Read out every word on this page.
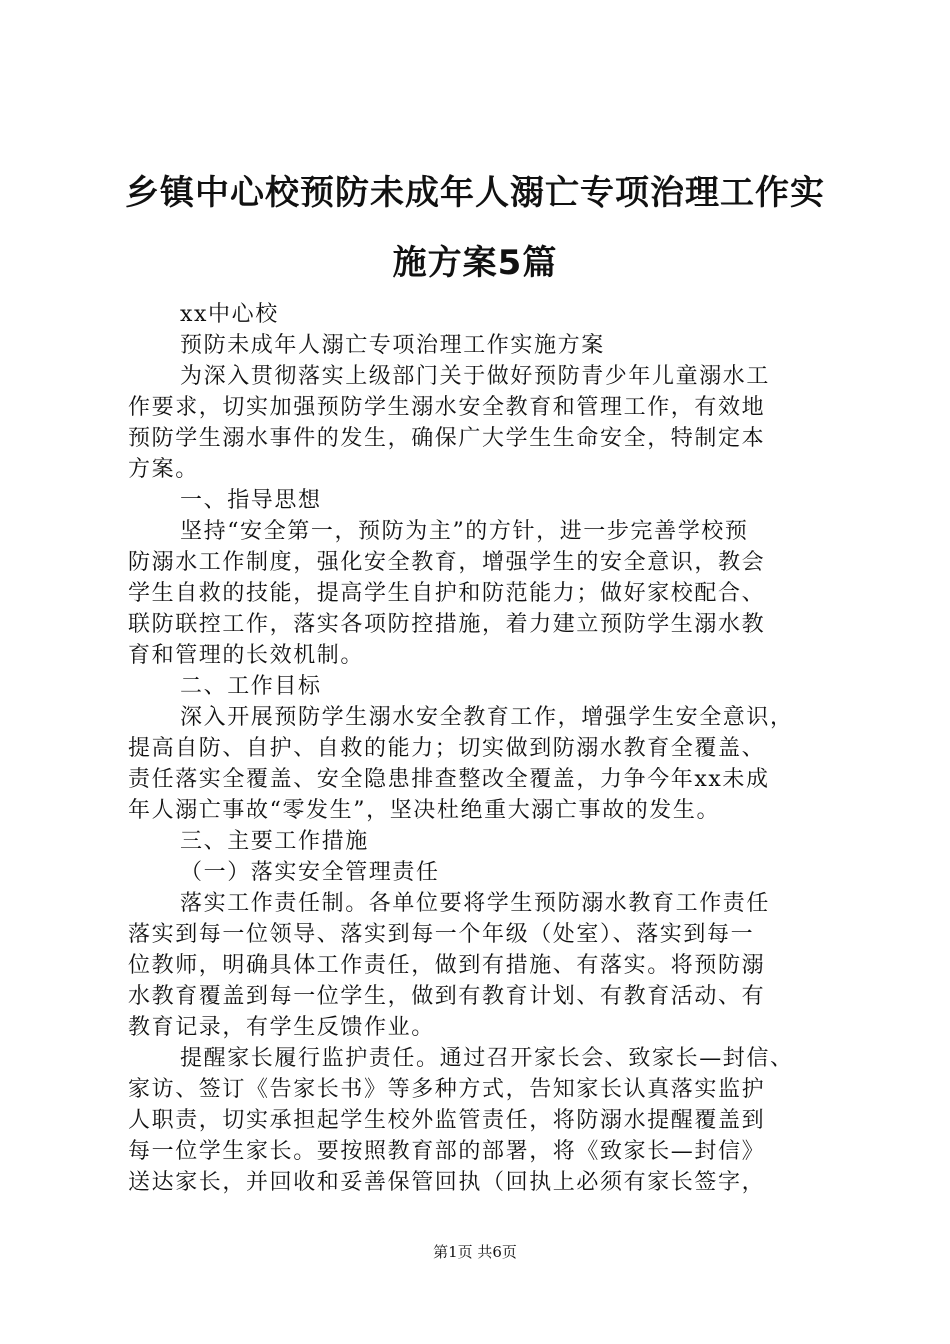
乡镇中心校预防未成年人溺亡专项治理工作实
施方案5篇
xx中心校
预防未成年人溺亡专项治理工作实施方案
为深入贯彻落实上级部门关于做好预防青少年儿童溺水工
作要求，切实加强预防学生溺水安全教育和管理工作，有效地
预防学生溺水事件的发生，确保广大学生生命安全，特制定本
方案。
一、指导思想
坚持“安全第一，预防为主”的方针，进一步完善学校预
防溺水工作制度，强化安全教育，增强学生的安全意识，教会
学生自救的技能，提高学生自护和防范能力；做好家校配合、
联防联控工作，落实各项防控措施，着力建立预防学生溺水教
育和管理的长效机制。
二、工作目标
深入开展预防学生溺水安全教育工作，增强学生安全意识，
提高自防、自护、自救的能力；切实做到防溺水教育全覆盖、
责任落实全覆盖、安全隐患排查整改全覆盖，力争今年xx未成
年人溺亡事故“零发生”，坚决杜绝重大溺亡事故的发生。
三、主要工作措施
（一）落实安全管理责任
落实工作责任制。各单位要将学生预防溺水教育工作责任
落实到每一位领导、落实到每一个年级（处室）、落实到每一
位教师，明确具体工作责任，做到有措施、有落实。将预防溺
水教育覆盖到每一位学生，做到有教育计划、有教育活动、有
教育记录，有学生反馈作业。
提醒家长履行监护责任。通过召开家长会、致家长—封信、
家访、签订《告家长书》等多种方式，告知家长认真落实监护
人职责，切实承担起学生校外监管责任，将防溺水提醒覆盖到
每一位学生家长。要按照教育部的部署，将《致家长—封信》
送达家长，并回收和妥善保管回执（回执上必须有家长签字，
第1页 共6页
